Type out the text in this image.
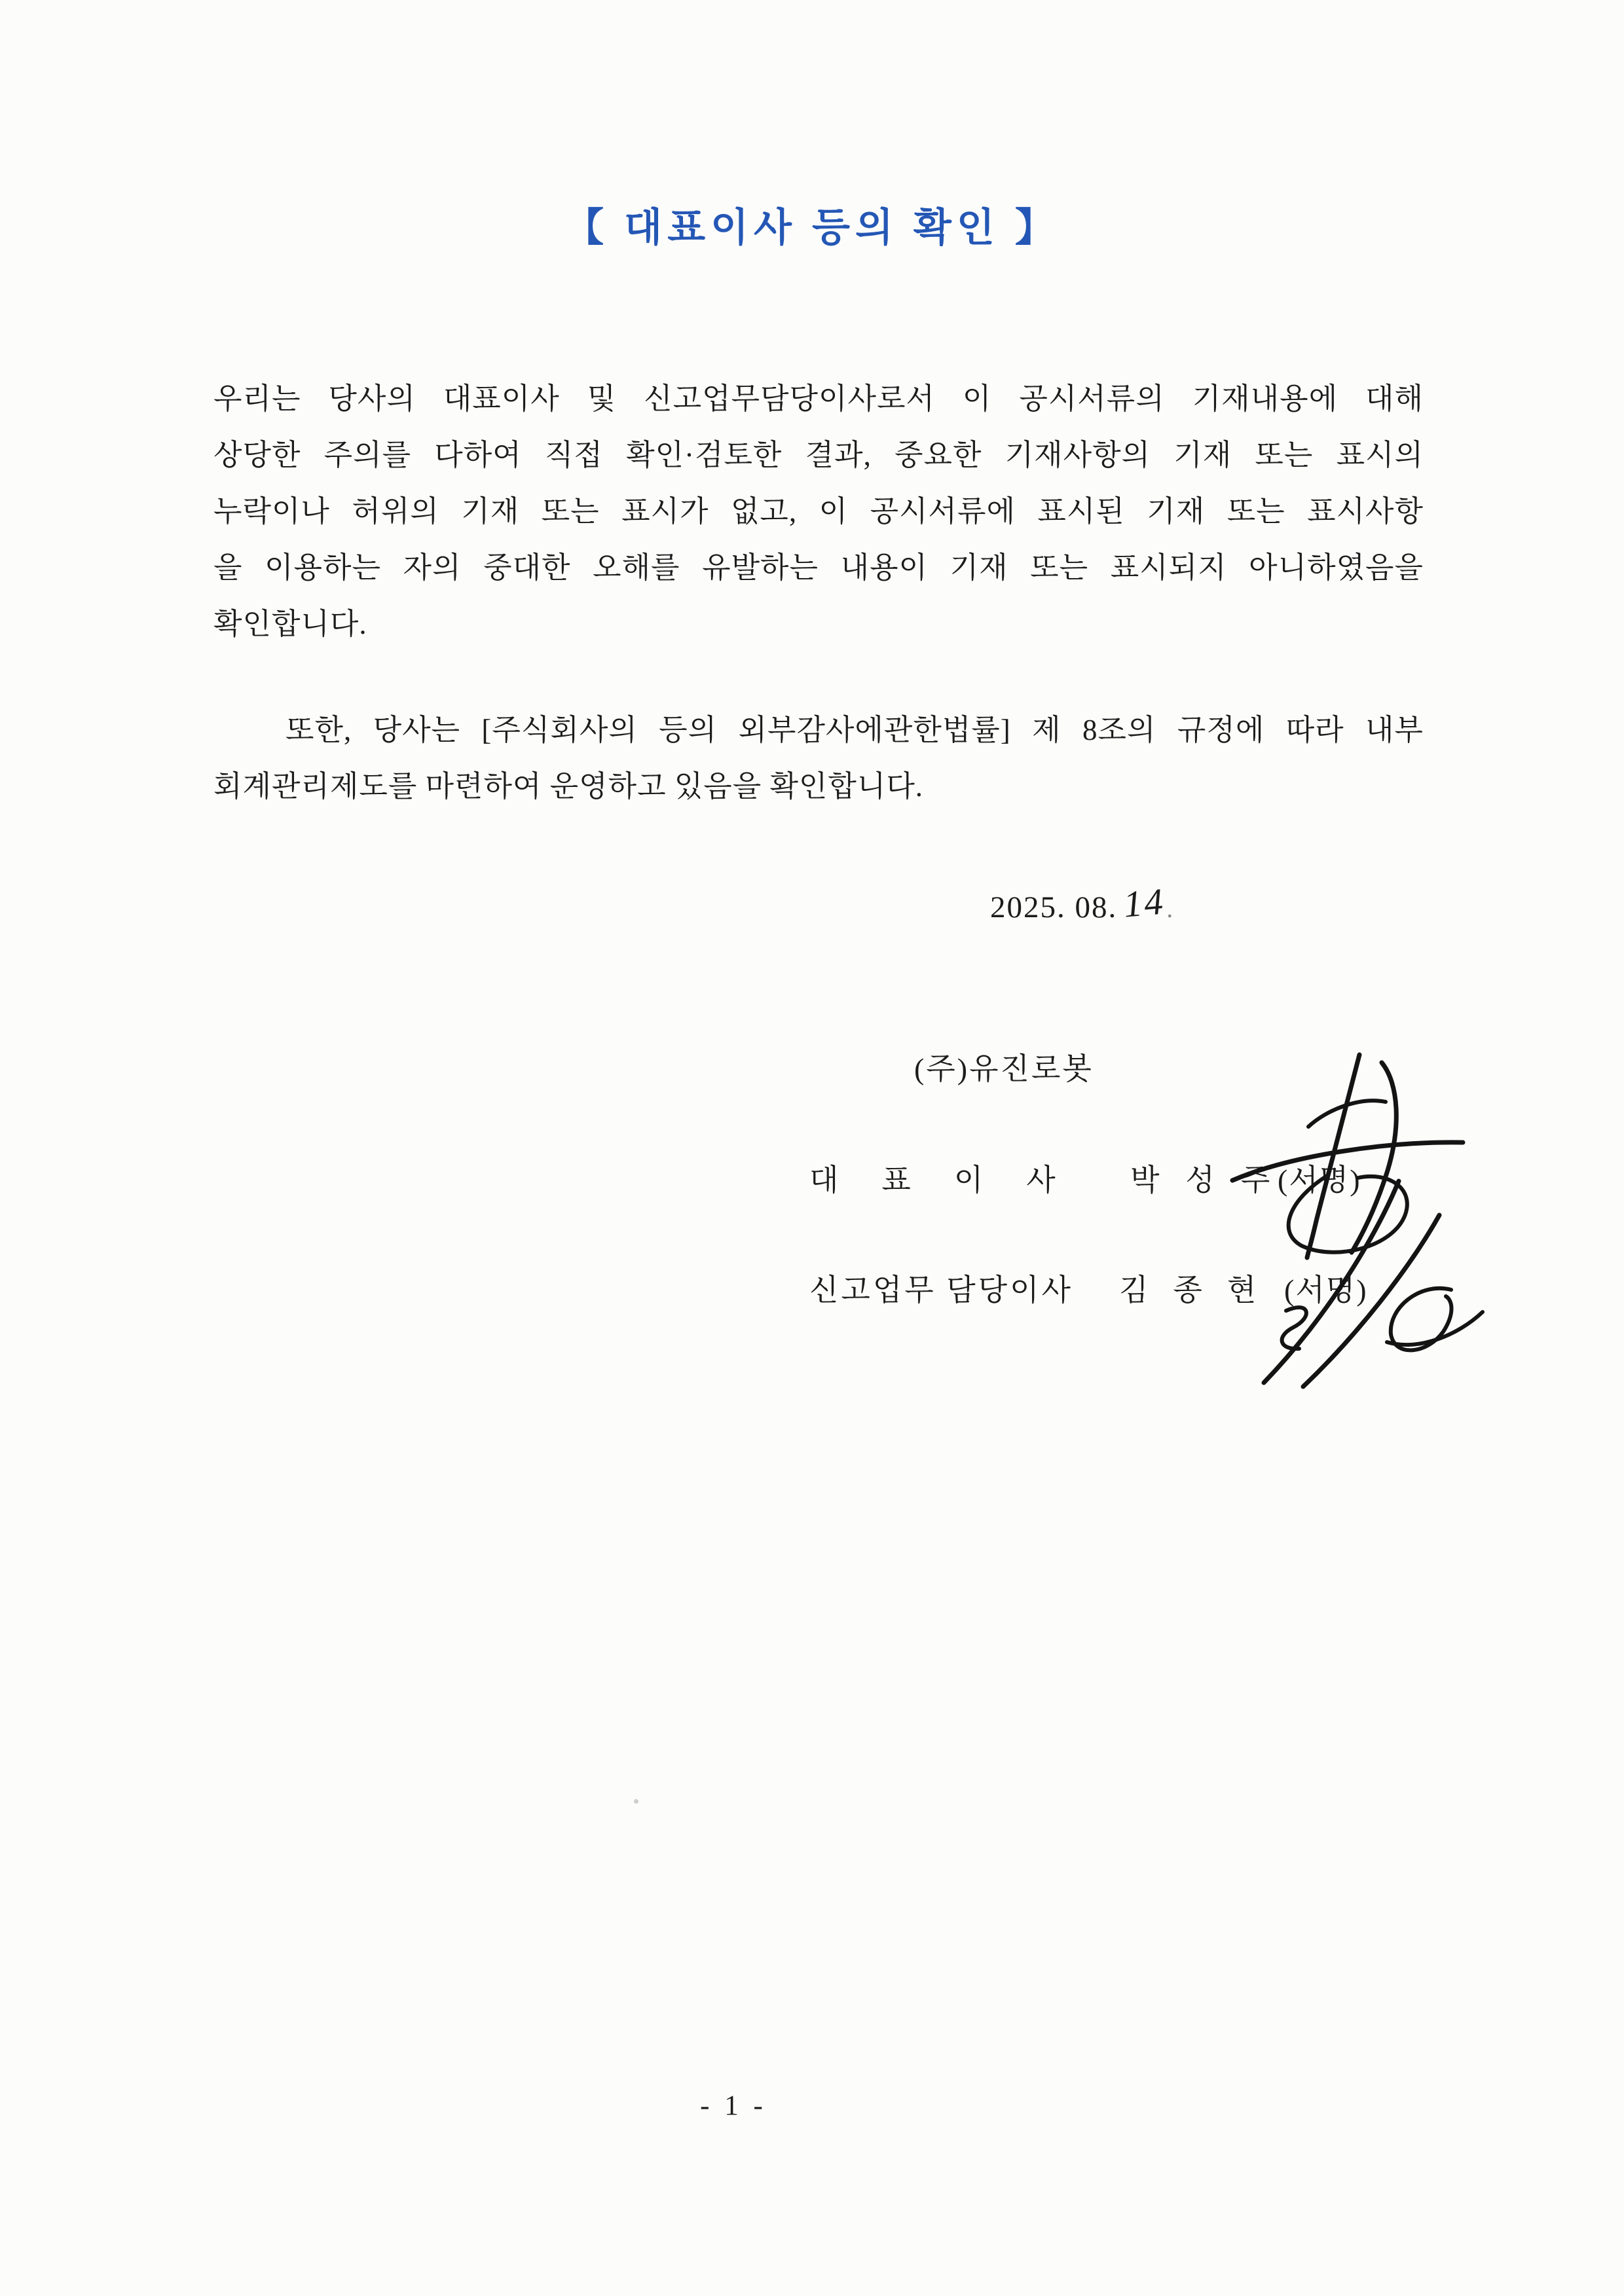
【 대표이사 등의 확인 】
우리는 당사의 대표이사 및 신고업무담당이사로서 이 공시서류의 기재내용에 대해
상당한 주의를 다하여 직접 확인·검토한 결과, 중요한 기재사항의 기재 또는 표시의
누락이나 허위의 기재 또는 표시가 없고, 이 공시서류에 표시된 기재 또는 표시사항
을 이용하는 자의 중대한 오해를 유발하는 내용이 기재 또는 표시되지 아니하였음을
확인합니다.
또한, 당사는 [주식회사의 등의 외부감사에관한법률] 제 8조의 규정에 따라 내부
회계관리제도를 마련하여 운영하고 있음을 확인합니다.
2025. 08. 14.
(주)유진로봇
대표이사 박성주(서명)
신고업무 담당이사 김종현 (서명)
- 1 -
